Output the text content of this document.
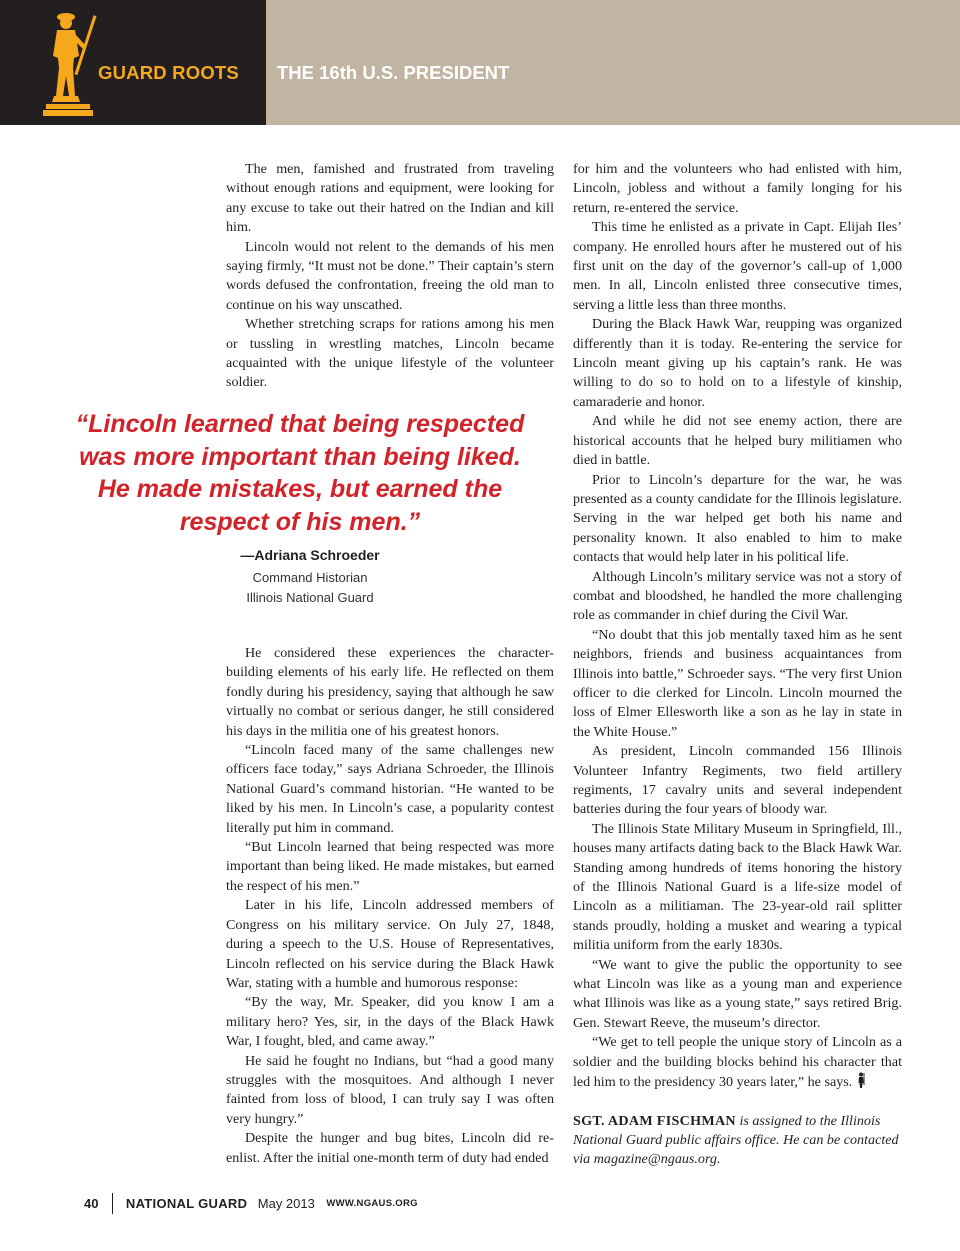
GUARD ROOTS THE 16th U.S. PRESIDENT

The men, famished and frustrated from traveling without enough rations and equipment, were looking for any excuse to take out their hatred on the Indian and kill him.

Lincoln would not relent to the demands of his men saying firmly, “It must not be done.” Their captain’s stern words defused the confrontation, freeing the old man to continue on his way unscathed.

Whether stretching scraps for rations among his men or tussling in wrestling matches, Lincoln became acquainted with the unique lifestyle of the volunteer soldier.

“Lincoln learned that being respected was more important than being liked. He made mistakes, but earned the respect of his men.”
—Adriana Schroeder
Command Historian
Illinois National Guard

He considered these experiences the character-building elements of his early life. He reflected on them fondly during his presidency, saying that although he saw virtually no combat or serious danger, he still considered his days in the militia one of his greatest honors.

“Lincoln faced many of the same challenges new officers face today,” says Adriana Schroeder, the Illinois National Guard’s command historian. “He wanted to be liked by his men. In Lincoln’s case, a popularity contest literally put him in command.

“But Lincoln learned that being respected was more important than being liked. He made mistakes, but earned the respect of his men.”

Later in his life, Lincoln addressed members of Congress on his military service. On July 27, 1848, during a speech to the U.S. House of Representatives, Lincoln reflected on his service during the Black Hawk War, stating with a humble and humorous response:

“By the way, Mr. Speaker, did you know I am a military hero? Yes, sir, in the days of the Black Hawk War, I fought, bled, and came away.”

He said he fought no Indians, but “had a good many struggles with the mosquitoes. And although I never fainted from loss of blood, I can truly say I was often very hungry.”

Despite the hunger and bug bites, Lincoln did re-enlist. After the initial one-month term of duty had ended

for him and the volunteers who had enlisted with him, Lincoln, jobless and without a family longing for his return, re-entered the service.

This time he enlisted as a private in Capt. Elijah Iles’ company. He enrolled hours after he mustered out of his first unit on the day of the governor’s call-up of 1,000 men. In all, Lincoln enlisted three consecutive times, serving a little less than three months.

During the Black Hawk War, reupping was organized differently than it is today. Re-entering the service for Lincoln meant giving up his captain’s rank. He was willing to do so to hold on to a lifestyle of kinship, camaraderie and honor.

And while he did not see enemy action, there are historical accounts that he helped bury militiamen who died in battle.

Prior to Lincoln’s departure for the war, he was presented as a county candidate for the Illinois legislature. Serving in the war helped get both his name and personality known. It also enabled to him to make contacts that would help later in his political life.

Although Lincoln’s military service was not a story of combat and bloodshed, he handled the more challenging role as commander in chief during the Civil War.

“No doubt that this job mentally taxed him as he sent neighbors, friends and business acquaintances from Illinois into battle,” Schroeder says. “The very first Union officer to die clerked for Lincoln. Lincoln mourned the loss of Elmer Ellesworth like a son as he lay in state in the White House.”

As president, Lincoln commanded 156 Illinois Volunteer Infantry Regiments, two field artillery regiments, 17 cavalry units and several independent batteries during the four years of bloody war.

The Illinois State Military Museum in Springfield, Ill., houses many artifacts dating back to the Black Hawk War. Standing among hundreds of items honoring the history of the Illinois National Guard is a life-size model of Lincoln as a militiaman. The 23-year-old rail splitter stands proudly, holding a musket and wearing a typical militia uniform from the early 1830s.

“We want to give the public the opportunity to see what Lincoln was like as a young man and experience what Illinois was like as a young state,” says retired Brig. Gen. Stewart Reeve, the museum’s director.

“We get to tell people the unique story of Lincoln as a soldier and the building blocks behind his character that led him to the presidency 30 years later,” he says.

SGT. ADAM FISCHMAN is assigned to the Illinois National Guard public affairs office. He can be contacted via magazine@ngaus.org.

40 NATIONAL GUARD May 2013 WWW.NGAUS.ORG
